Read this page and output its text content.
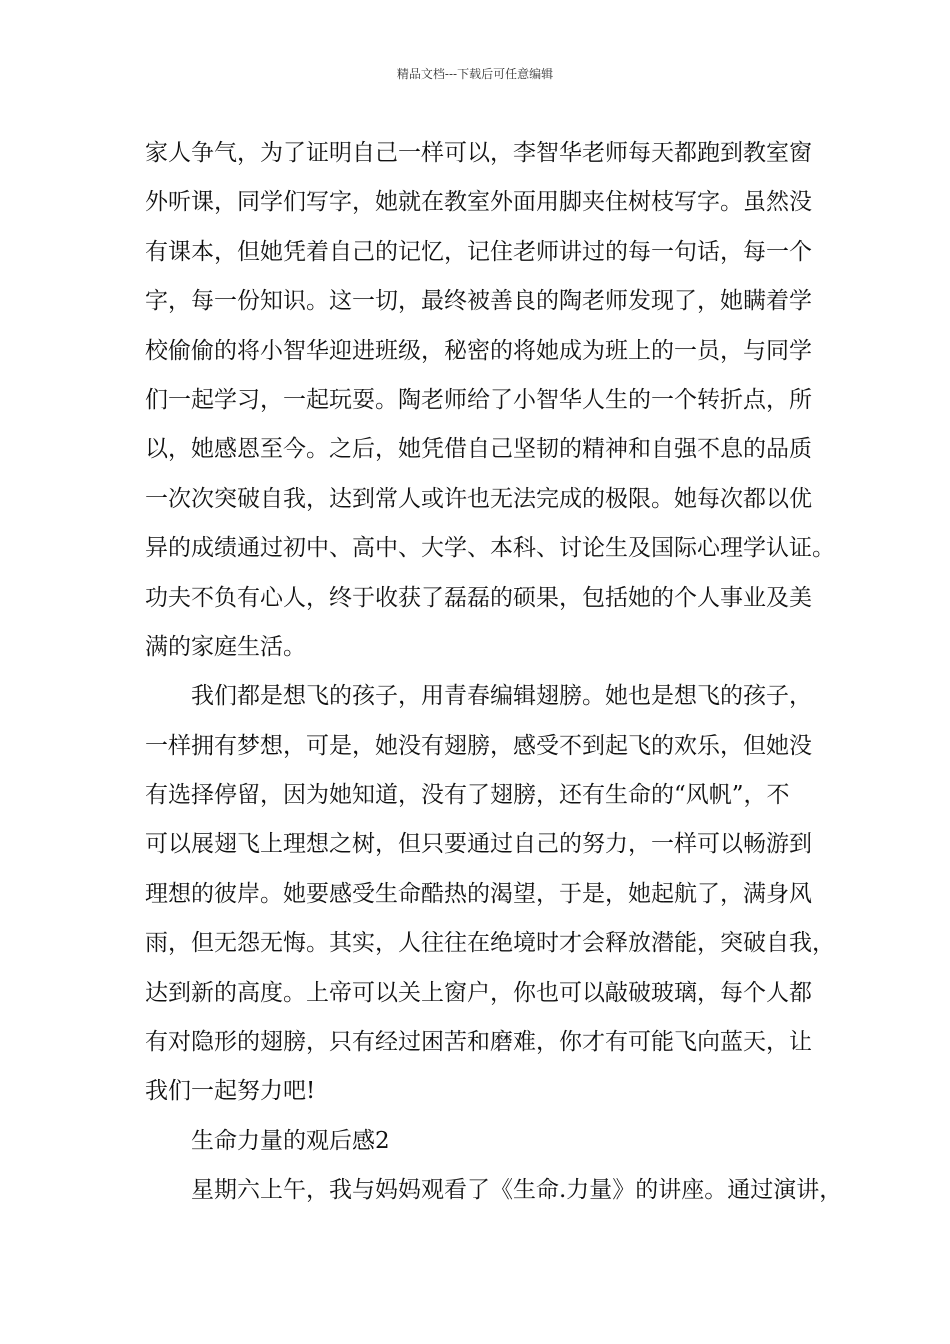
精品文档---下载后可任意编辑
家人争气，为了证明自己一样可以，李智华老师每天都跑到教室窗
外听课，同学们写字，她就在教室外面用脚夹住树枝写字。虽然没
有课本，但她凭着自己的记忆，记住老师讲过的每一句话，每一个
字，每一份知识。这一切，最终被善良的陶老师发现了，她瞒着学
校偷偷的将小智华迎进班级，秘密的将她成为班上的一员，与同学
们一起学习，一起玩耍。陶老师给了小智华人生的一个转折点，所
以，她感恩至今。之后，她凭借自己坚韧的精神和自强不息的品质
一次次突破自我，达到常人或许也无法完成的极限。她每次都以优
异的成绩通过初中、高中、大学、本科、讨论生及国际心理学认证。
功夫不负有心人，终于收获了磊磊的硕果，包括她的个人事业及美
满的家庭生活。
我们都是想飞的孩子，用青春编辑翅膀。她也是想飞的孩子，
一样拥有梦想，可是，她没有翅膀，感受不到起飞的欢乐，但她没
有选择停留，因为她知道，没有了翅膀，还有生命的“风帆”，不
可以展翅飞上理想之树，但只要通过自己的努力，一样可以畅游到
理想的彼岸。她要感受生命酷热的渴望，于是，她起航了，满身风
雨，但无怨无悔。其实，人往往在绝境时才会释放潜能，突破自我，
达到新的高度。上帝可以关上窗户，你也可以敲破玻璃，每个人都
有对隐形的翅膀，只有经过困苦和磨难，你才有可能飞向蓝天，让
我们一起努力吧!
生命力量的观后感2
星期六上午，我与妈妈观看了《生命.力量》的讲座。通过演讲，
